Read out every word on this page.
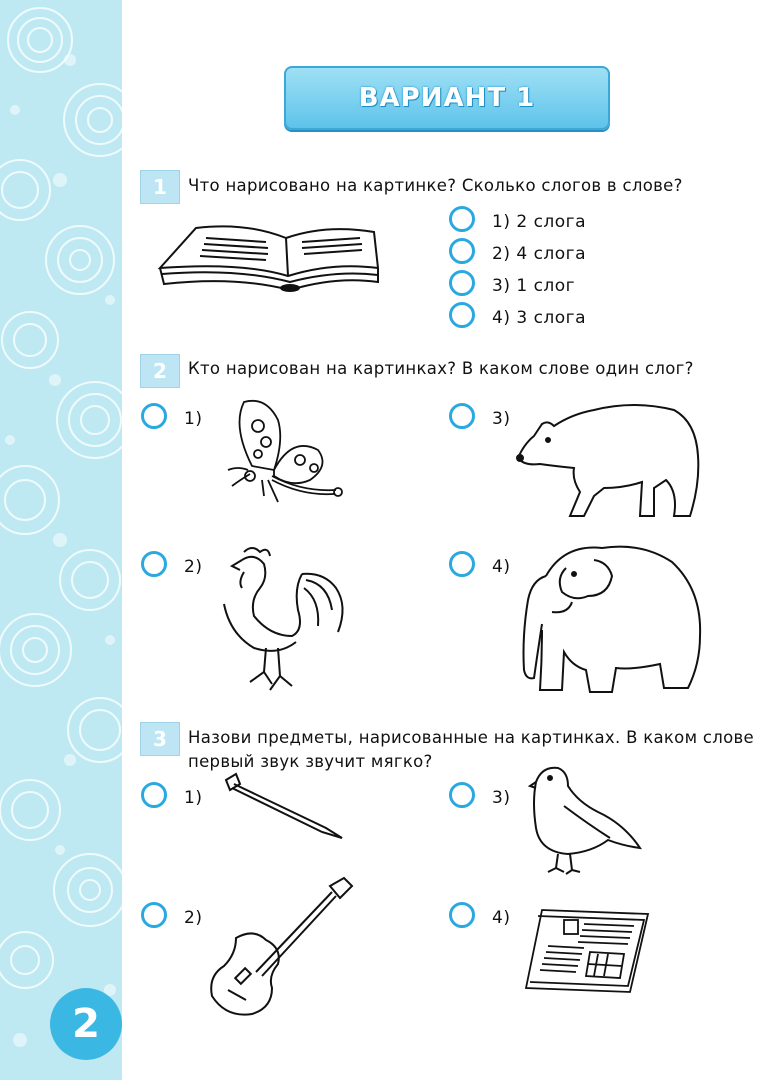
2
ВАРИАНТ 1
1	Что нарисовано на картинке? Сколько слогов в слове?
1) 2 слога
2) 4 слога
3) 1 слог
4) 3 слога
2	Кто нарисован на картинках? В каком слове один слог?
1)	3)
2)	4)
3	Назови предметы, нарисованные на картинках. В каком слове
первый звук звучит мягко?
1)	3)
2)	4)
